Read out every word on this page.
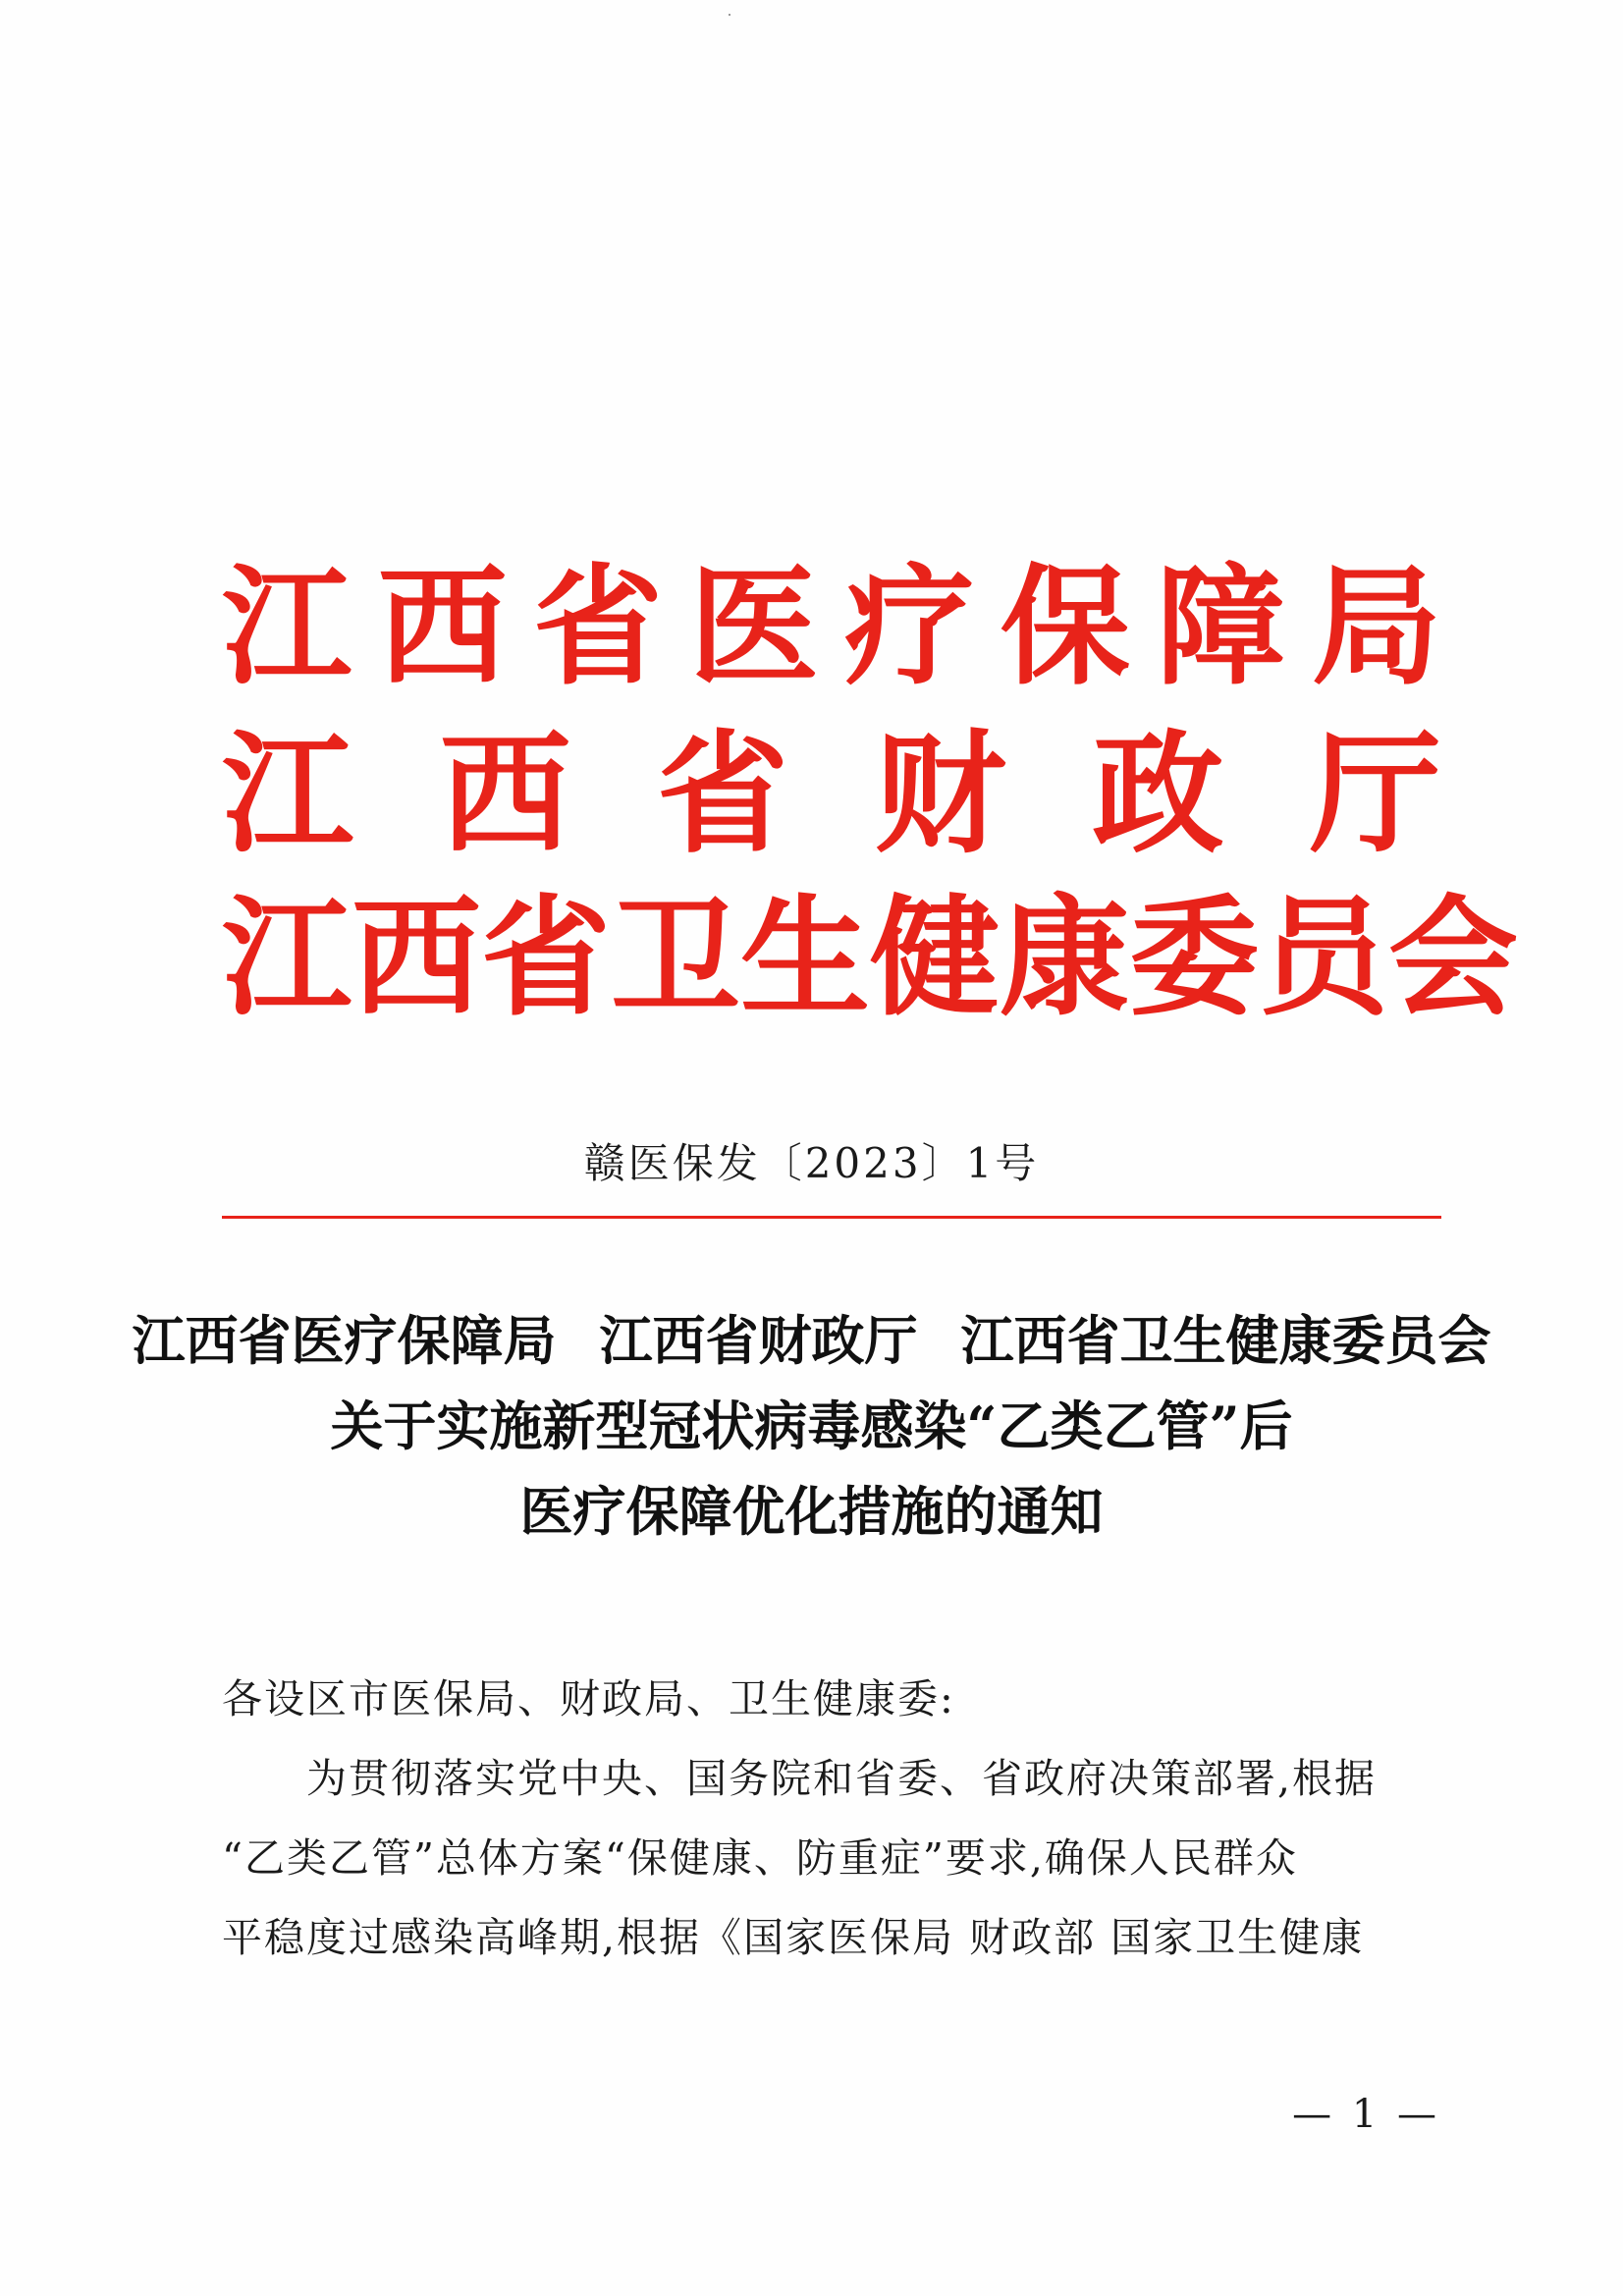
江 西 省 医 疗 保 障 局
江 西 省 财 政 厅
江 西 省 卫 生 健 康 委 员 会
赣医保发〔2023〕1号
江西省医疗保障局 江西省财政厅 江西省卫生健康委员会
关于实施新型冠状病毒感染“乙类乙管”后
医疗保障优化措施的通知
各设区市医保局、财政局、卫生健康委:
为贯彻落实党中央、国务院和省委、省政府决策部署,根据
“乙类乙管”总体方案“保健康、防重症”要求,确保人民群众
平稳度过感染高峰期,根据《国家医保局 财政部 国家卫生健康
— 1 —
